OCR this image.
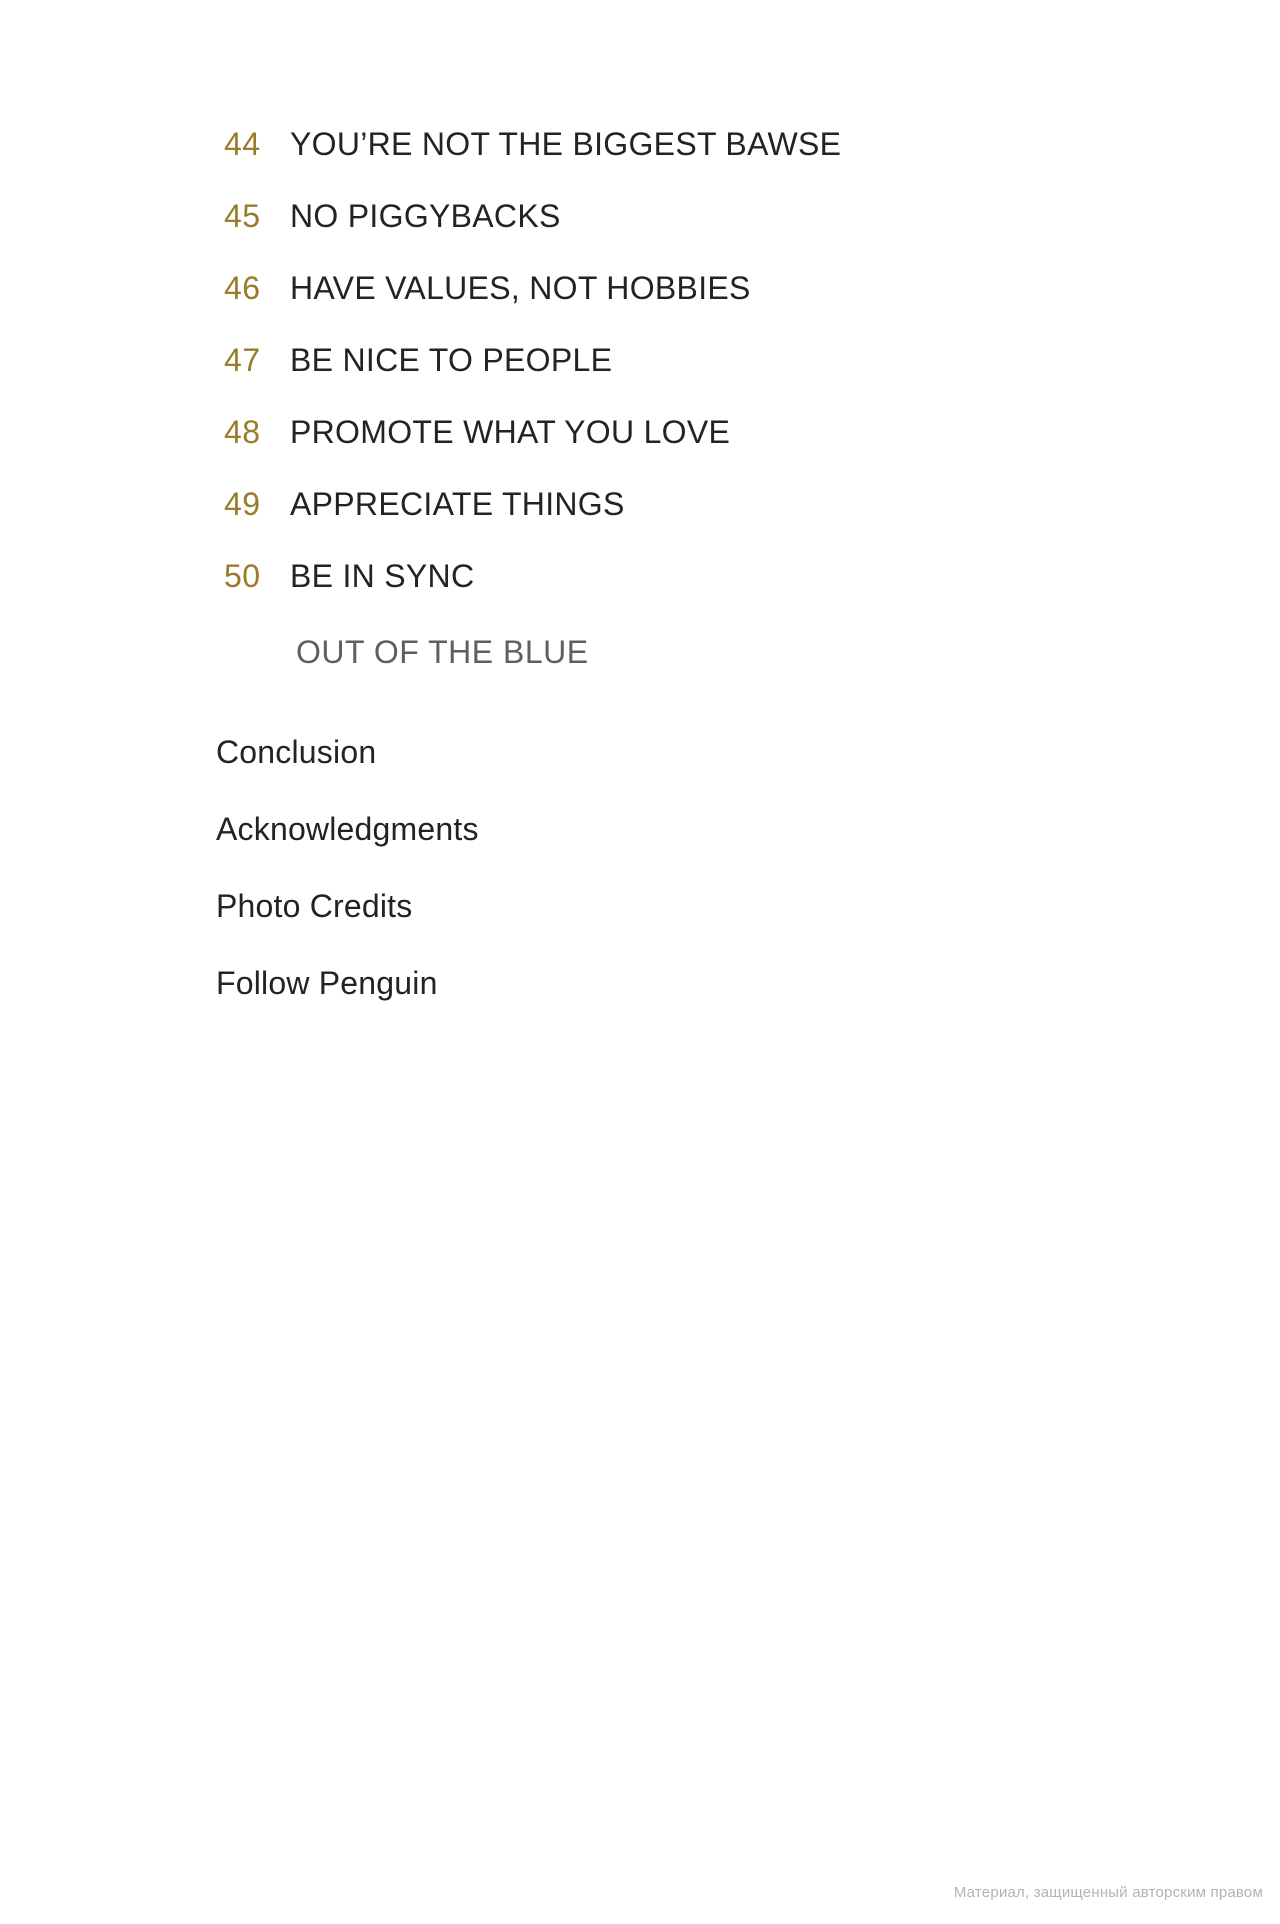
44 YOU’RE NOT THE BIGGEST BAWSE
45 NO PIGGYBACKS
46 HAVE VALUES, NOT HOBBIES
47 BE NICE TO PEOPLE
48 PROMOTE WHAT YOU LOVE
49 APPRECIATE THINGS
50 BE IN SYNC
OUT OF THE BLUE
Conclusion
Acknowledgments
Photo Credits
Follow Penguin
Материал, защищенный авторским правом
